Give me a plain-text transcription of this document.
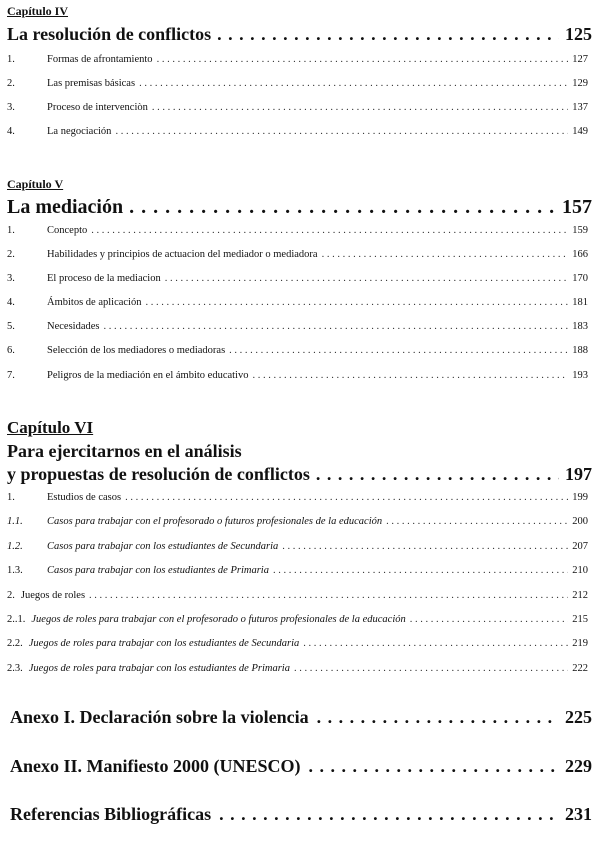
Capítulo IV
La resolución de conflictos . . .	125
1.	Formas de afrontamiento . . .	127
2.	Las premisas básicas . . .	129
3.	Proceso de intervenciòn . . .	137
4.	La negociación . . .	149
Capítulo V
La mediación . . .	157
1.	Concepto . . .	159
2.	Habilidades y principios de actuacion del mediador o mediadora . . .	166
3.	El proceso de la mediacion . . .	170
4.	Ámbitos de aplicación . . .	181
5.	Necesidades . . .	183
6.	Selección de los mediadores o mediadoras . . .	188
7.	Peligros de la mediación en el ámbito educativo . . .	193
Capítulo VI
Para ejercitarnos en el análisis
y propuestas de resolución de conflictos . . .	197
1.	Estudios de casos . . .	199
1.1.	Casos para trabajar con el profesorado o futuros profesionales de la educación . . .	200
1.2.	Casos para trabajar con los estudiantes de Secundaria . . .	207
1.3.	Casos para trabajar con los estudiantes de Primaria . . .	210
2. Juegos de roles . . .	212
2..1. Juegos de roles para trabajar con el profesorado o futuros profesionales de la educación . . .	215
2.2. Juegos de roles para trabajar con los estudiantes de Secundaria . . .	219
2.3. Juegos de roles para trabajar con los estudiantes de Primaria . . .	222
Anexo I. Declaración sobre la violencia . . .	225
Anexo II. Manifiesto 2000 (UNESCO) . . .	229
Referencias Bibliográficas . . .	231
